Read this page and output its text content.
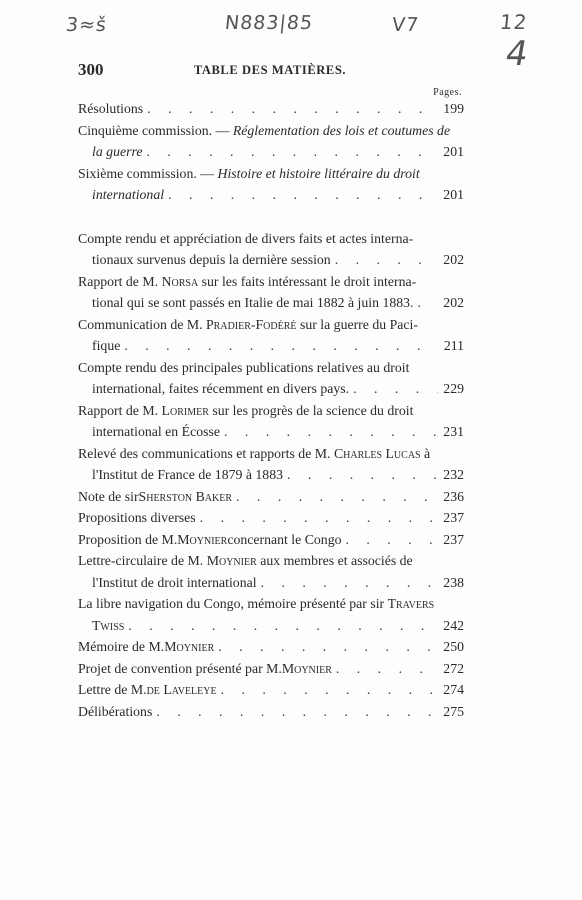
3≈š	N883|85	V7	12
4
300	TABLE DES MATIÈRES.
Pages.
Résolutions . . .	199
Cinquième commission. — Réglementation des lois et coutumes de
la guerre . . .	201
Sixième commission. — Histoire et histoire littéraire du droit
international . . .	201
Compte rendu et appréciation de divers faits et actes interna-
tionaux survenus depuis la dernière session . . .	202
Rapport de M. Norsa sur les faits intéressant le droit interna-
tional qui se sont passés en Italie de mai 1882 à juin 1883. . . . 202
Communication de M. Pradier-Fodéré sur la guerre du Paci-
fique . . .	211
Compte rendu des principales publications relatives au droit
international, faites récemment en divers pays. . . .	229
Rapport de M. Lorimer sur les progrès de la science du droit
international en Écosse . . .	231
Relevé des communications et rapports de M. Charles Lucas à
l'Institut de France de 1879 à 1883 . . .	232
Note de sir Sherston Baker . . .	236
Propositions diverses . . .	237
Proposition de M. Moynier concernant le Congo . . .	237
Lettre-circulaire de M. Moynier aux membres et associés de
l'Institut de droit international . . .	238
La libre navigation du Congo, mémoire présenté par sir Travers
Twiss . . .	242
Mémoire de M. Moynier . . .	250
Projet de convention présenté par M. Moynier . . .	272
Lettre de M. de Laveleye . . .	274
Délibérations . . .	275
